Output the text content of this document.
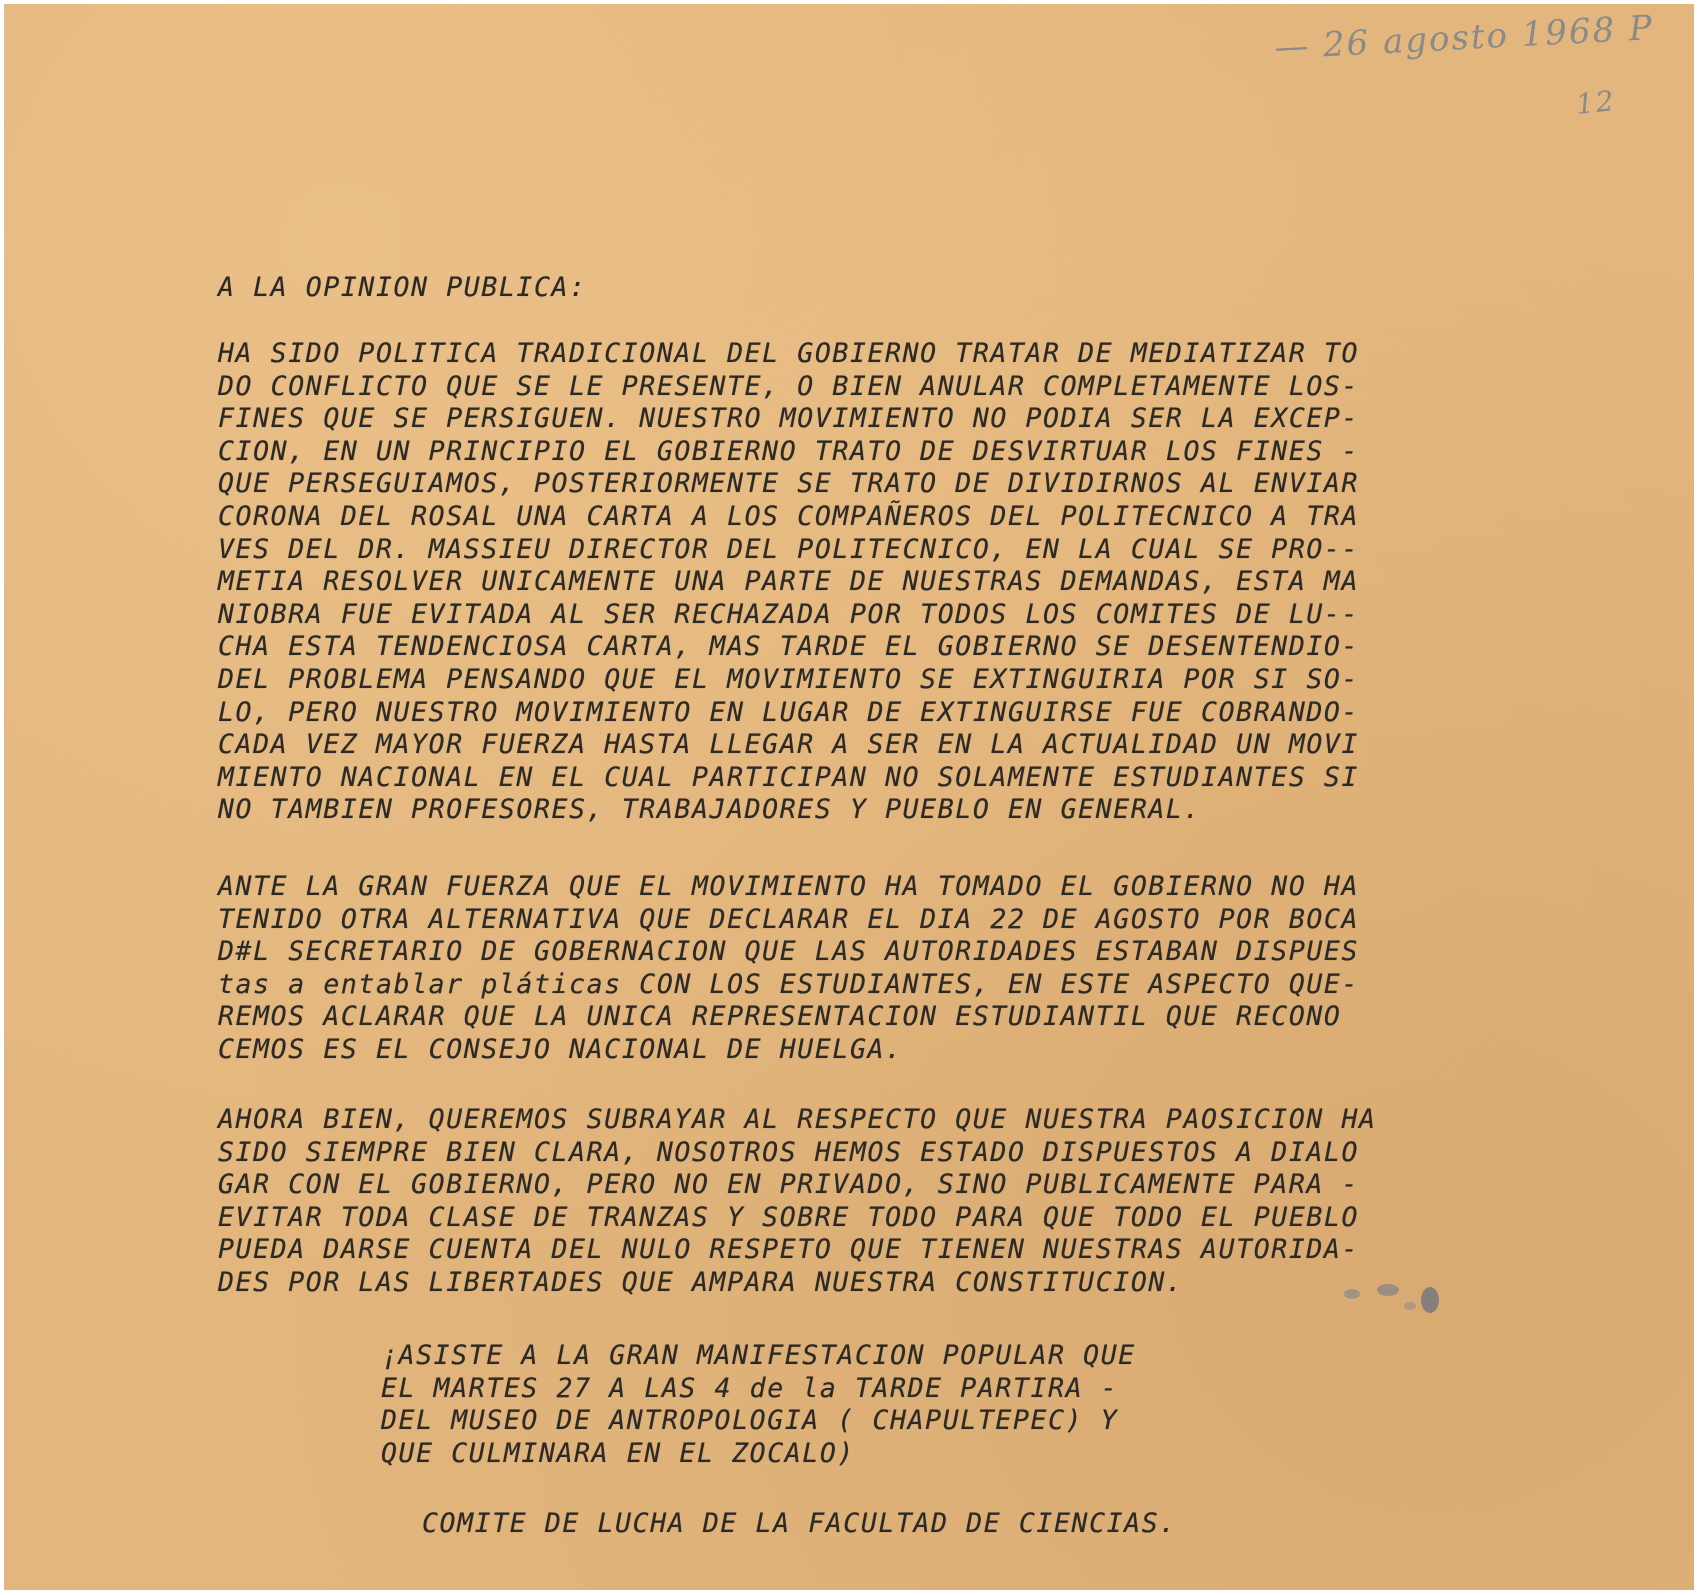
— 26 agosto 1968 P
12
A LA OPINION PUBLICA:
HA SIDO POLITICA TRADICIONAL DEL GOBIERNO TRATAR DE MEDIATIZAR TO
DO CONFLICTO QUE SE LE PRESENTE, O BIEN ANULAR COMPLETAMENTE LOS-
FINES QUE SE PERSIGUEN. NUESTRO MOVIMIENTO NO PODIA SER LA EXCEP-
CION, EN UN PRINCIPIO EL GOBIERNO TRATO DE DESVIRTUAR LOS FINES -
QUE PERSEGUIAMOS, POSTERIORMENTE SE TRATO DE DIVIDIRNOS AL ENVIAR
CORONA DEL ROSAL UNA CARTA A LOS COMPAÑEROS DEL POLITECNICO A TRA
VES DEL DR. MASSIEU DIRECTOR DEL POLITECNICO, EN LA CUAL SE PRO--
METIA RESOLVER UNICAMENTE UNA PARTE DE NUESTRAS DEMANDAS, ESTA MA
NIOBRA FUE EVITADA AL SER RECHAZADA POR TODOS LOS COMITES DE LU--
CHA ESTA TENDENCIOSA CARTA, MAS TARDE EL GOBIERNO SE DESENTENDIO-
DEL PROBLEMA PENSANDO QUE EL MOVIMIENTO SE EXTINGUIRIA POR SI SO-
LO, PERO NUESTRO MOVIMIENTO EN LUGAR DE EXTINGUIRSE FUE COBRANDO-
CADA VEZ MAYOR FUERZA HASTA LLEGAR A SER EN LA ACTUALIDAD UN MOVI
MIENTO NACIONAL EN EL CUAL PARTICIPAN NO SOLAMENTE ESTUDIANTES SI
NO TAMBIEN PROFESORES, TRABAJADORES Y PUEBLO EN GENERAL.
ANTE LA GRAN FUERZA QUE EL MOVIMIENTO HA TOMADO EL GOBIERNO NO HA
TENIDO OTRA ALTERNATIVA QUE DECLARAR EL DIA 22 DE AGOSTO POR BOCA
D#L SECRETARIO DE GOBERNACION QUE LAS AUTORIDADES ESTABAN DISPUES
tas a entablar pláticas CON LOS ESTUDIANTES, EN ESTE ASPECTO QUE-
REMOS ACLARAR QUE LA UNICA REPRESENTACION ESTUDIANTIL QUE RECONO
CEMOS ES EL CONSEJO NACIONAL DE HUELGA.
AHORA BIEN, QUEREMOS SUBRAYAR AL RESPECTO QUE NUESTRA PAOSICION HA
SIDO SIEMPRE BIEN CLARA, NOSOTROS HEMOS ESTADO DISPUESTOS A DIALO
GAR CON EL GOBIERNO, PERO NO EN PRIVADO, SINO PUBLICAMENTE PARA -
EVITAR TODA CLASE DE TRANZAS Y SOBRE TODO PARA QUE TODO EL PUEBLO
PUEDA DARSE CUENTA DEL NULO RESPETO QUE TIENEN NUESTRAS AUTORIDA-
DES POR LAS LIBERTADES QUE AMPARA NUESTRA CONSTITUCION.
¡ASISTE A LA GRAN MANIFESTACION POPULAR QUE
EL MARTES 27 A LAS 4 de la TARDE PARTIRA -
DEL MUSEO DE ANTROPOLOGIA ( CHAPULTEPEC) Y
QUE CULMINARA EN EL ZOCALO)
COMITE DE LUCHA DE LA FACULTAD DE CIENCIAS.
